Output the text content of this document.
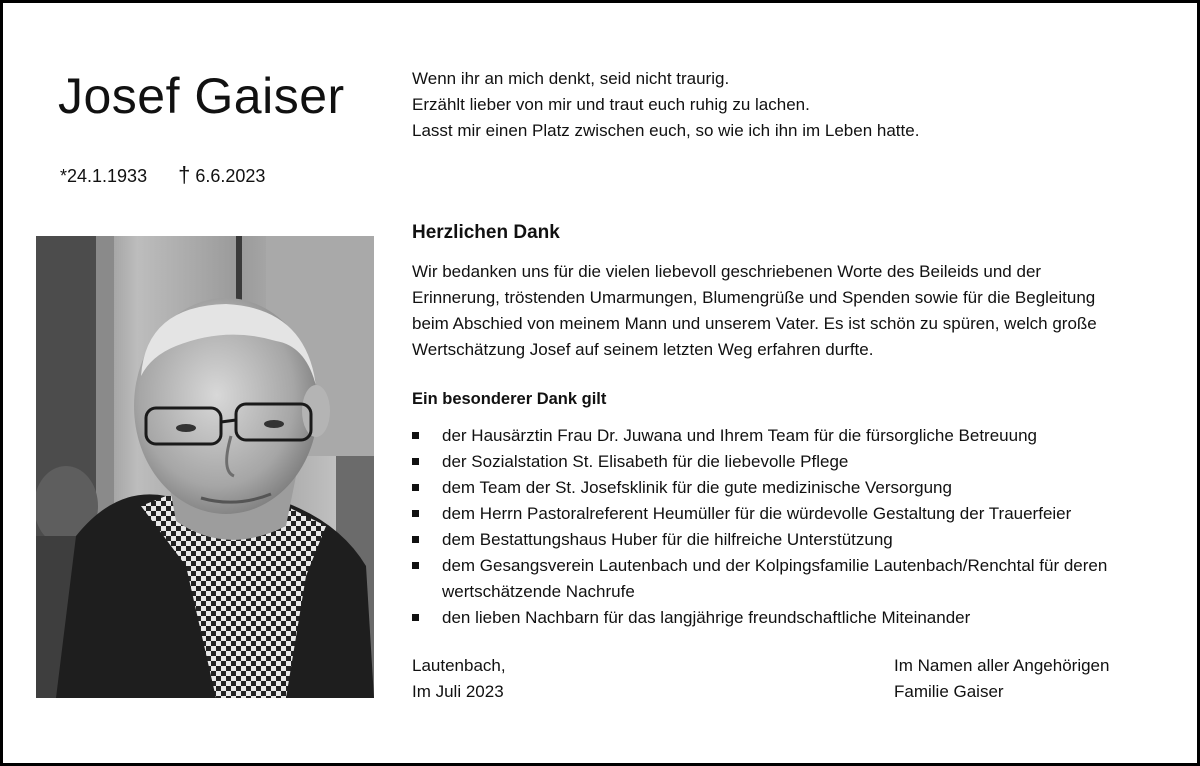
Josef Gaiser
*24.1.1933 † 6.6.2023
Wenn ihr an mich denkt, seid nicht traurig.
Erzählt lieber von mir und traut euch ruhig zu lachen.
Lasst mir einen Platz zwischen euch, so wie ich ihn im Leben hatte.
Herzlichen Dank
Wir bedanken uns für die vielen liebevoll geschriebenen Worte des Beileids und der
Erinnerung, tröstenden Umarmungen, Blumengrüße und Spenden sowie für die Begleitung
beim Abschied von meinem Mann und unserem Vater. Es ist schön zu spüren, welch große
Wertschätzung Josef auf seinem letzten Weg erfahren durfte.
Ein besonderer Dank gilt
der Hausärztin Frau Dr. Juwana und Ihrem Team für die fürsorgliche Betreuung
der Sozialstation St. Elisabeth für die liebevolle Pflege
dem Team der St. Josefsklinik für die gute medizinische Versorgung
dem Herrn Pastoralreferent Heumüller für die würdevolle Gestaltung der Trauerfeier
dem Bestattungshaus Huber für die hilfreiche Unterstützung
dem Gesangsverein Lautenbach und der Kolpingsfamilie Lautenbach/Renchtal für deren
wertschätzende Nachrufe
den lieben Nachbarn für das langjährige freundschaftliche Miteinander
Lautenbach,
Im Juli 2023
Im Namen aller Angehörigen
Familie Gaiser
